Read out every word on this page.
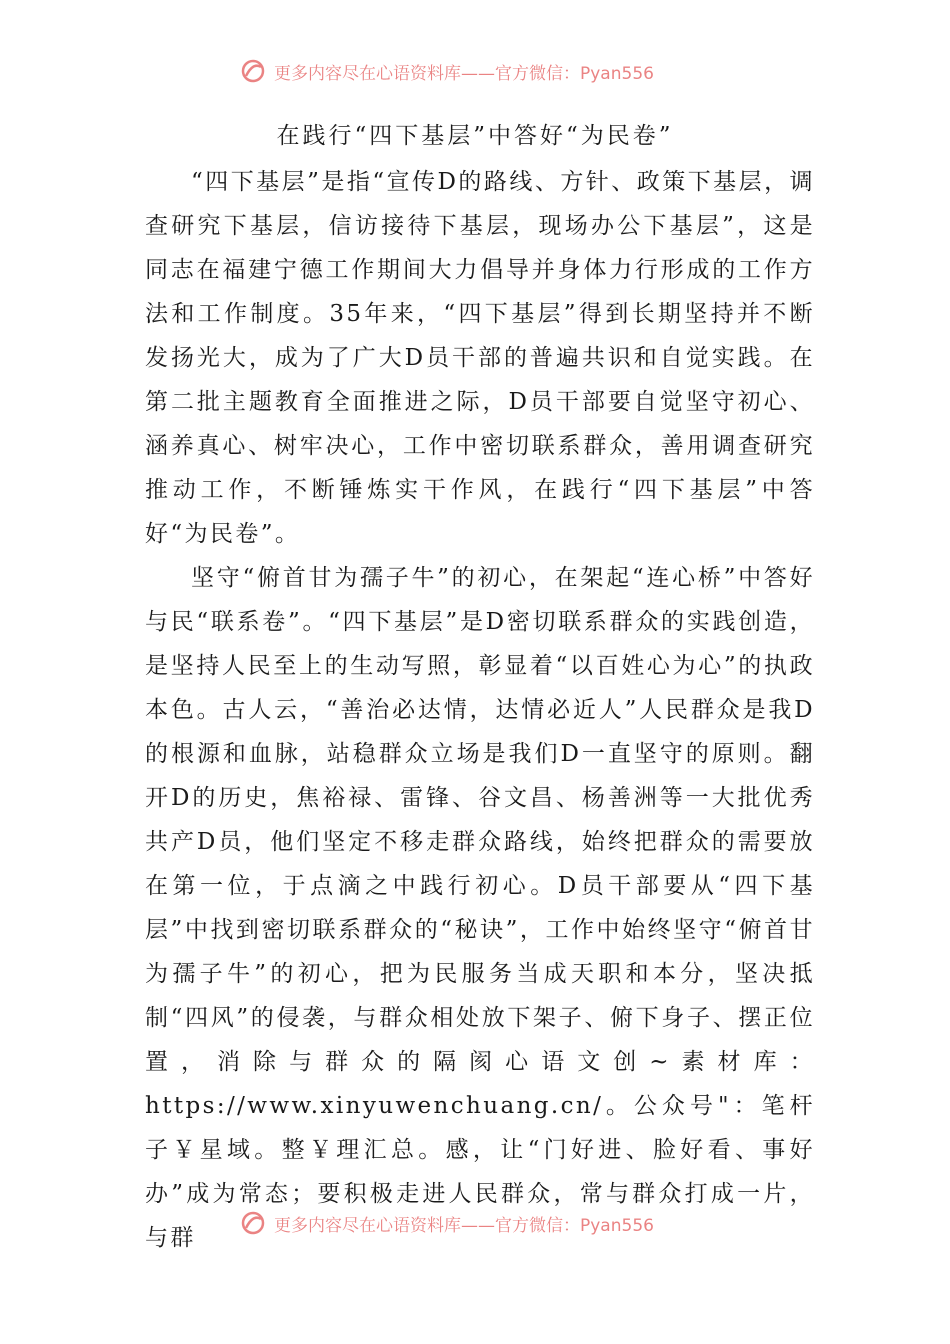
更多内容尽在心语资料库——官方微信：Pyan556
在践行“四下基层”中答好“为民卷”

“四下基层”是指“宣传D的路线、方针、政策下基层，调查研究下基层，信访接待下基层，现场办公下基层”，这是同志在福建宁德工作期间大力倡导并身体力行形成的工作方法和工作制度。35年来，“四下基层”得到长期坚持并不断发扬光大，成为了广大D员干部的普遍共识和自觉实践。在第二批主题教育全面推进之际，D员干部要自觉坚守初心、涵养真心、树牢决心，工作中密切联系群众，善用调查研究推动工作，不断锤炼实干作风，在践行“四下基层”中答好“为民卷”。

坚守“俯首甘为孺子牛”的初心，在架起“连心桥”中答好与民“联系卷”。“四下基层”是D密切联系群众的实践创造，是坚持人民至上的生动写照，彰显着“以百姓心为心”的执政本色。古人云，“善治必达情，达情必近人”人民群众是我D的根源和血脉，站稳群众立场是我们D一直坚守的原则。翻开D的历史，焦裕禄、雷锋、谷文昌、杨善洲等一大批优秀共产D员，他们坚定不移走群众路线，始终把群众的需要放在第一位，于点滴之中践行初心。D员干部要从“四下基层”中找到密切联系群众的“秘诀”，工作中始终坚守“俯首甘为孺子牛”的初心，把为民服务当成天职和本分，坚决抵制“四风”的侵袭，与群众相处放下架子、俯下身子、摆正位置，消除与群众的隔阂心语文创~素材库：https://www.xinyuwenchuang.cn/。公众号"：笔杆子￥星域。整￥理汇总。感，让“门好进、脸好看、事好办”成为常态；要积极走进人民群众，常与群众打成一片，与群	更多内容尽在心语资料库——官方微信：Pyan556
